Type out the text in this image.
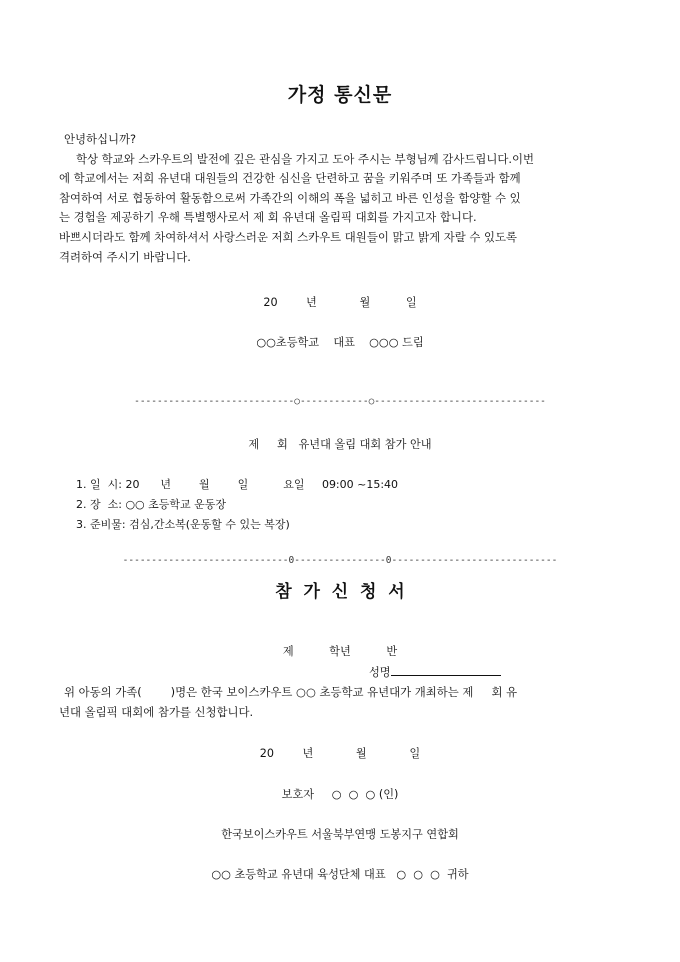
가정 통신문
안녕하십니까?
학상 학교와 스카우트의 발전에 깊은 관심을 가지고 도아 주시는 부형님께 감사드립니다.이번
에 학교에서는 저희 유년대 대원들의 건강한 심신을 단련하고 꿈을 키워주며 또 가족들과 함께
참여하여 서로 협동하여 활동함으로써 가족간의 이해의 폭을 넓히고 바른 인성을 함양할 수 있
는 경험을 제공하기 우해 특별행사로서 제 회 유년대 올림픽 대회를 가지고자 합니다.
바쁘시더라도 함께 차여하셔서 사랑스러운 저희 스카우트 대원들이 맑고 밝게 자랄 수 있도록
격려하여 주시기 바랍니다.
20        년            월          일
○○초등학교    대표    ○○○ 드림
----------------------------○------------○------------------------------
제     회   유년대 올림 대회 참가 안내
1. 일  시: 20      년        월        일          요일     09:00 ~15:40
2. 장  소: ○○ 초등학교 운동장
3. 준비물: 검심,간소복(운동할 수 있는 복장)
-----------------------------0----------------0-----------------------------
참  가  신  청  서
제          학년          반
성명
위 아동의 가족(        )명은 한국 보이스카우트 ○○ 초등학교 유년대가 개최하는 제     회 유
년대 올림픽 대회에 참가를 신청합니다.
20        년            월            일
보호자     ○  ○  ○ (인)
한국보이스카우트 서울북부연맹 도봉지구 연합회
○○ 초등학교 유년대 육성단체 대표   ○  ○  ○  귀하
